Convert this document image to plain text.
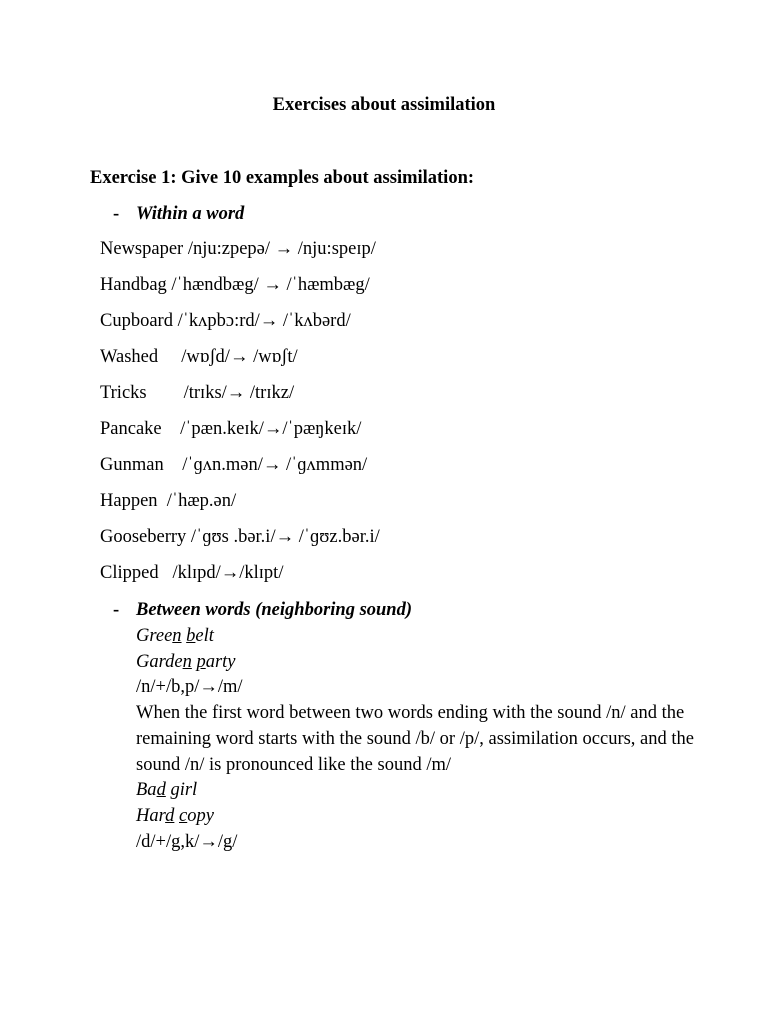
Exercises about assimilation
Exercise 1: Give 10 examples about assimilation:
- Within a word

Newspaper /nju:zpepə/ → /nju:speɪp/

Handbag /ˈhændbæg/ → /ˈhæmbæg/

Cupboard /ˈkʌpbɔ:rd/→ /ˈkʌbərd/

Washed     /wɒʃd/→ /wɒʃt/

Tricks        /trɪks/→ /trɪkz/

Pancake    /ˈpæn.keɪk/→/ˈpæŋkeɪk/

Gunman    /ˈɡʌn.mən/→ /ˈɡʌmmən/

Happen  /ˈhæp.ən/

Gooseberry /ˈɡʊs .bər.i/→ /ˈɡʊz.bər.i/

Clipped   /klɪpd/→/klɪpt/

- Between words (neighboring sound)
Green belt
Garden party
/n/+/b,p/→/m/
When the first word between two words ending with the sound /n/ and the remaining word starts with the sound /b/ or /p/, assimilation occurs, and the sound /n/ is pronounced like the sound /m/
Bad girl
Hard copy
/d/+/g,k/→/g/
